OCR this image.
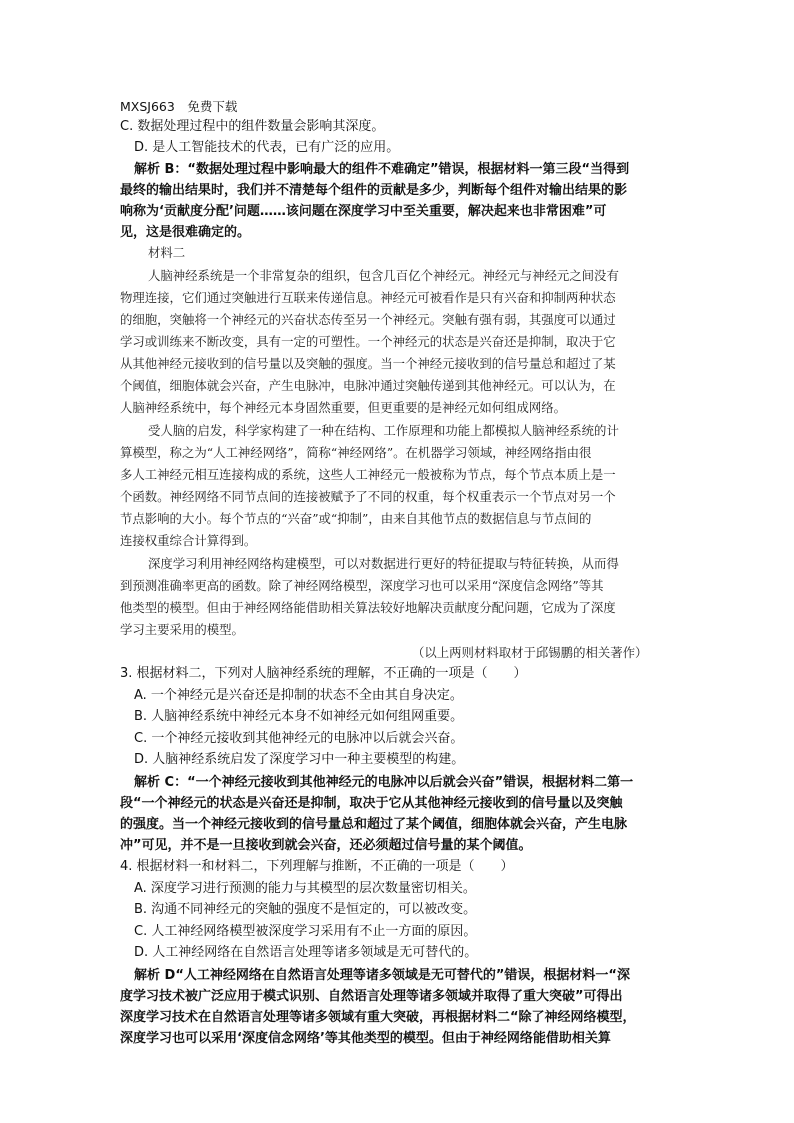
MXSJ663　免费下载
C. 数据处理过程中的组件数量会影响其深度。
D. 是人工智能技术的代表，已有广泛的应用。
解析 B：“数据处理过程中影响最大的组件不难确定”错误，根据材料一第三段“当得到
最终的输出结果时，我们并不清楚每个组件的贡献是多少，判断每个组件对输出结果的影
响称为‘贡献度分配’问题……该问题在深度学习中至关重要，解决起来也非常困难”可
见，这是很难确定的。
材料二
人脑神经系统是一个非常复杂的组织，包含几百亿个神经元。神经元与神经元之间没有
物理连接，它们通过突触进行互联来传递信息。神经元可被看作是只有兴奋和抑制两种状态
的细胞，突触将一个神经元的兴奋状态传至另一个神经元。突触有强有弱，其强度可以通过
学习或训练来不断改变，具有一定的可塑性。一个神经元的状态是兴奋还是抑制，取决于它
从其他神经元接收到的信号量以及突触的强度。当一个神经元接收到的信号量总和超过了某
个阈值，细胞体就会兴奋，产生电脉冲，电脉冲通过突触传递到其他神经元。可以认为，在
人脑神经系统中，每个神经元本身固然重要，但更重要的是神经元如何组成网络。
受人脑的启发，科学家构建了一种在结构、工作原理和功能上都模拟人脑神经系统的计
算模型，称之为“人工神经网络”，简称“神经网络”。在机器学习领域，神经网络指由很
多人工神经元相互连接构成的系统，这些人工神经元一般被称为节点，每个节点本质上是一
个函数。神经网络不同节点间的连接被赋予了不同的权重，每个权重表示一个节点对另一个
节点影响的大小。每个节点的“兴奋”或“抑制”，由来自其他节点的数据信息与节点间的
连接权重综合计算得到。
深度学习利用神经网络构建模型，可以对数据进行更好的特征提取与特征转换，从而得
到预测准确率更高的函数。除了神经网络模型，深度学习也可以采用“深度信念网络”等其
他类型的模型。但由于神经网络能借助相关算法较好地解决贡献度分配问题，它成为了深度
学习主要采用的模型。
（以上两则材料取材于邱锡鹏的相关著作）
3. 根据材料二，下列对人脑神经系统的理解，不正确的一项是（　　）
A. 一个神经元是兴奋还是抑制的状态不全由其自身决定。
B. 人脑神经系统中神经元本身不如神经元如何组网重要。
C. 一个神经元接收到其他神经元的电脉冲以后就会兴奋。
D. 人脑神经系统启发了深度学习中一种主要模型的构建。
解析 C：“一个神经元接收到其他神经元的电脉冲以后就会兴奋”错误，根据材料二第一
段“一个神经元的状态是兴奋还是抑制，取决于它从其他神经元接收到的信号量以及突触
的强度。当一个神经元接收到的信号量总和超过了某个阈值，细胞体就会兴奋，产生电脉
冲”可见，并不是一旦接收到就会兴奋，还必须超过信号量的某个阈值。
4. 根据材料一和材料二，下列理解与推断，不正确的一项是（　　）
A. 深度学习进行预测的能力与其模型的层次数量密切相关。
B. 沟通不同神经元的突触的强度不是恒定的，可以被改变。
C. 人工神经网络模型被深度学习采用有不止一方面的原因。
D. 人工神经网络在自然语言处理等诸多领域是无可替代的。
解析 D“人工神经网络在自然语言处理等诸多领域是无可替代的”错误，根据材料一“深
度学习技术被广泛应用于模式识别、自然语言处理等诸多领域并取得了重大突破”可得出
深度学习技术在自然语言处理等诸多领域有重大突破，再根据材料二“除了神经网络模型，
深度学习也可以采用‘深度信念网络’等其他类型的模型。但由于神经网络能借助相关算
